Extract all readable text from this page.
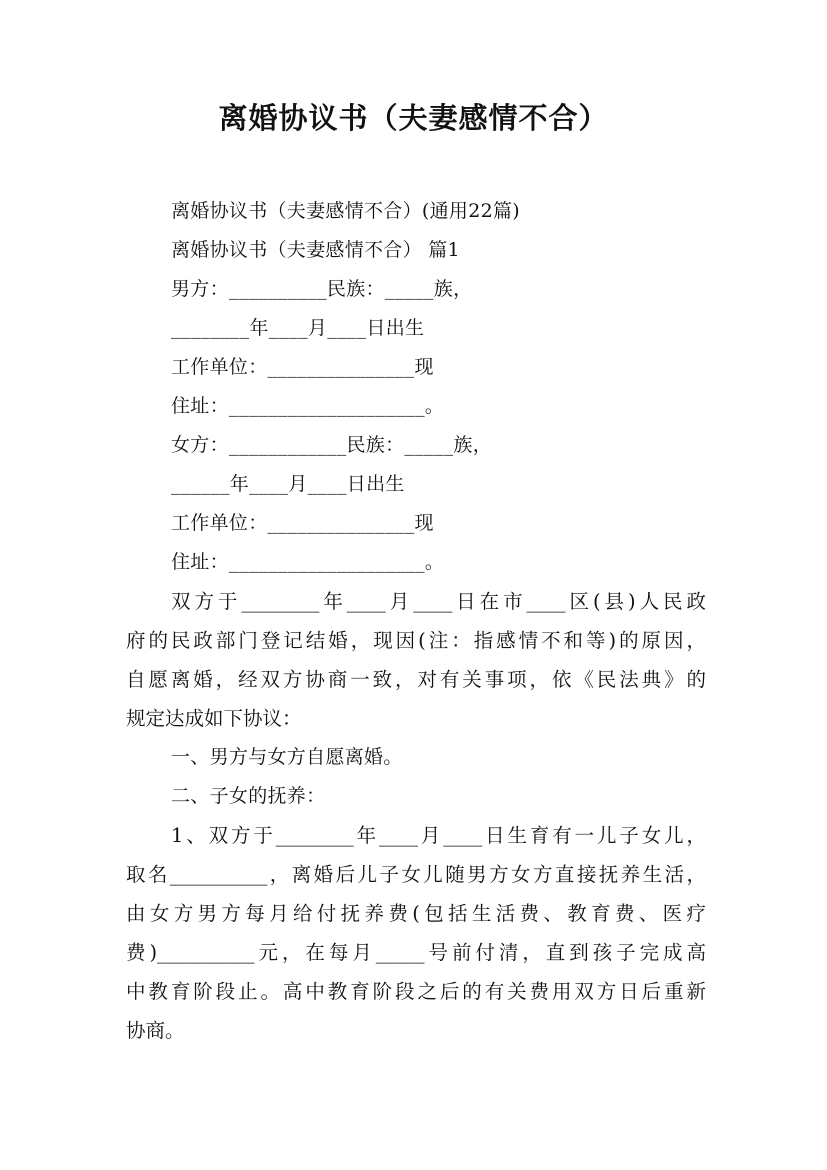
离婚协议书（夫妻感情不合）
离婚协议书（夫妻感情不合）(通用22篇)
离婚协议书（夫妻感情不合） 篇1
男方：__________民族：_____族，
________年____月____日出生
工作单位：_______________现
住址：____________________。
女方：____________民族：_____族，
______年____月____日出生
工作单位：_______________现
住址：____________________。
双方于________年____月____日在市____区(县)人民政
府的民政部门登记结婚，现因(注：指感情不和等)的原因，
自愿离婚，经双方协商一致，对有关事项，依《民法典》的
规定达成如下协议：
一、男方与女方自愿离婚。
二、子女的抚养：
1、双方于________年____月____日生育有一儿子女儿，
取名__________，离婚后儿子女儿随男方女方直接抚养生活，
由女方男方每月给付抚养费(包括生活费、教育费、医疗
费)__________元，在每月_____号前付清，直到孩子完成高
中教育阶段止。高中教育阶段之后的有关费用双方日后重新
协商。
